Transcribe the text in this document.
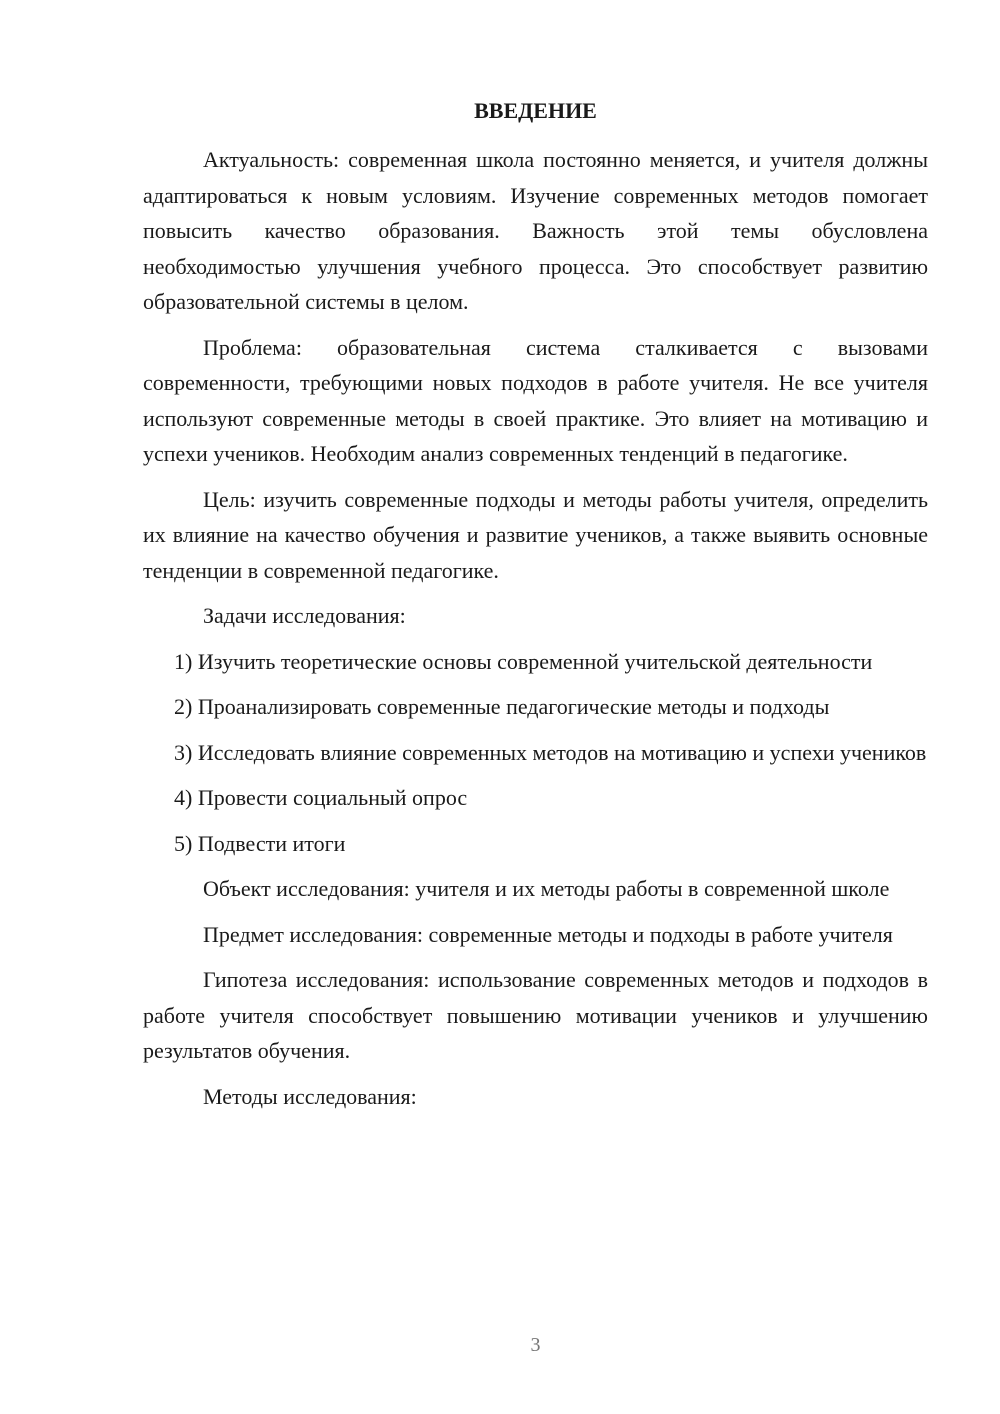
ВВЕДЕНИЕ

Актуальность: современная школа постоянно меняется, и учителя должны адаптироваться к новым условиям. Изучение современных методов помогает повысить качество образования. Важность этой темы обусловлена необходимостью улучшения учебного процесса. Это способствует развитию образовательной системы в целом.

Проблема: образовательная система сталкивается с вызовами современности, требующими новых подходов в работе учителя. Не все учителя используют современные методы в своей практике. Это влияет на мотивацию и успехи учеников. Необходим анализ современных тенденций в педагогике.

Цель: изучить современные подходы и методы работы учителя, определить их влияние на качество обучения и развитие учеников, а также выявить основные тенденции в современной педагогике.

Задачи исследования:

1) Изучить теоретические основы современной учительской деятельности

2) Проанализировать современные педагогические методы и подходы

3) Исследовать влияние современных методов на мотивацию и успехи учеников

4) Провести социальный опрос

5) Подвести итоги

Объект исследования: учителя и их методы работы в современной школе

Предмет исследования: современные методы и подходы в работе учителя

Гипотеза исследования: использование современных методов и подходов в работе учителя способствует повышению мотивации учеников и улучшению результатов обучения.

Методы исследования:

3
